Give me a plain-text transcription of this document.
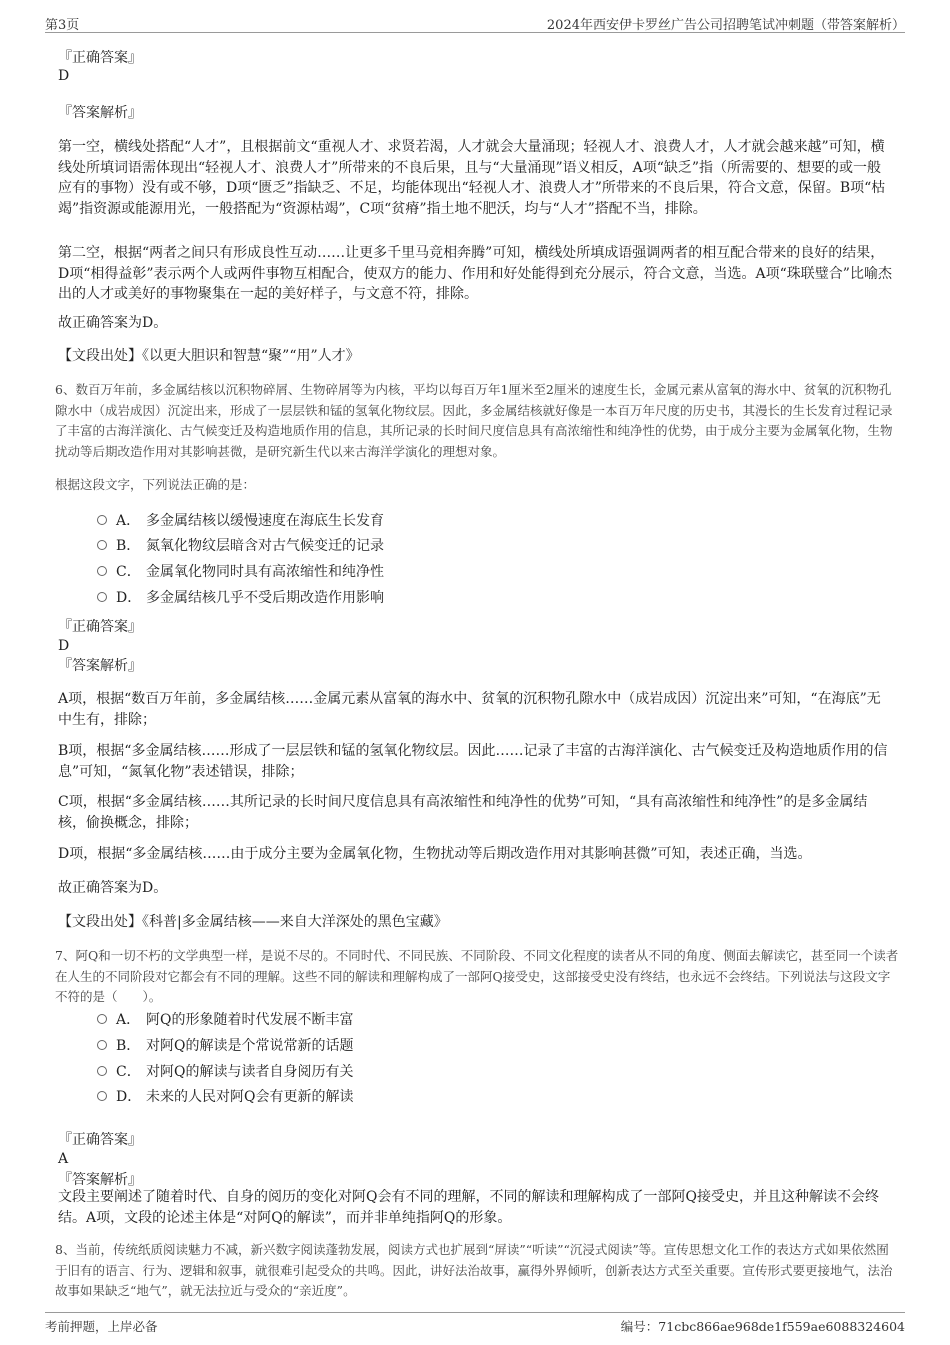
第3页	2024年西安伊卡罗丝广告公司招聘笔试冲刺题（带答案解析）
『正确答案』
D
『答案解析』
第一空，横线处搭配“人才”，且根据前文“重视人才、求贤若渴，人才就会大量涌现；轻视人才、浪费人才，人才就会越来越”可知，横线处所填词语需体现出“轻视人才、浪费人才”所带来的不良后果，且与“大量涌现”语义相反，A项“缺乏”指（所需要的、想要的或一般应有的事物）没有或不够，D项“匮乏”指缺乏、不足，均能体现出“轻视人才、浪费人才”所带来的不良后果，符合文意，保留。B项“枯竭”指资源或能源用光，一般搭配为“资源枯竭”，C项“贫瘠”指土地不肥沃，均与“人才”搭配不当，排除。
第二空，根据“两者之间只有形成良性互动……让更多千里马竞相奔腾”可知，横线处所填成语强调两者的相互配合带来的良好的结果，D项“相得益彰”表示两个人或两件事物互相配合，使双方的能力、作用和好处能得到充分展示，符合文意，当选。A项“珠联璧合”比喻杰出的人才或美好的事物聚集在一起的美好样子，与文意不符，排除。
故正确答案为D。
【文段出处】《以更大胆识和智慧“聚”“用”人才》
6、数百万年前，多金属结核以沉积物碎屑、生物碎屑等为内核，平均以每百万年1厘米至2厘米的速度生长，金属元素从富氧的海水中、贫氧的沉积物孔隙水中（成岩成因）沉淀出来，形成了一层层铁和锰的氢氧化物纹层。因此，多金属结核就好像是一本百万年尺度的历史书，其漫长的生长发育过程记录了丰富的古海洋演化、古气候变迁及构造地质作用的信息，其所记录的长时间尺度信息具有高浓缩性和纯净性的优势，由于成分主要为金属氧化物，生物扰动等后期改造作用对其影响甚微，是研究新生代以来古海洋学演化的理想对象。
根据这段文字，下列说法正确的是：
A． 多金属结核以缓慢速度在海底生长发育
B． 氮氧化物纹层暗含对古气候变迁的记录
C． 金属氧化物同时具有高浓缩性和纯净性
D． 多金属结核几乎不受后期改造作用影响
『正确答案』
D
『答案解析』
A项，根据“数百万年前，多金属结核……金属元素从富氧的海水中、贫氧的沉积物孔隙水中（成岩成因）沉淀出来”可知，“在海底”无中生有，排除；
B项，根据“多金属结核……形成了一层层铁和锰的氢氧化物纹层。因此……记录了丰富的古海洋演化、古气候变迁及构造地质作用的信息”可知，“氮氧化物”表述错误，排除；
C项，根据“多金属结核……其所记录的长时间尺度信息具有高浓缩性和纯净性的优势”可知，“具有高浓缩性和纯净性”的是多金属结核，偷换概念，排除；
D项，根据“多金属结核……由于成分主要为金属氧化物，生物扰动等后期改造作用对其影响甚微”可知，表述正确，当选。
故正确答案为D。
【文段出处】《科普|多金属结核——来自大洋深处的黑色宝藏》
7、阿Q和一切不朽的文学典型一样，是说不尽的。不同时代、不同民族、不同阶段、不同文化程度的读者从不同的角度、侧面去解读它，甚至同一个读者在人生的不同阶段对它都会有不同的理解。这些不同的解读和理解构成了一部阿Q接受史，这部接受史没有终结，也永远不会终结。下列说法与这段文字不符的是（　　）。
A． 阿Q的形象随着时代发展不断丰富
B． 对阿Q的解读是个常说常新的话题
C． 对阿Q的解读与读者自身阅历有关
D． 未来的人民对阿Q会有更新的解读
『正确答案』
A
『答案解析』
文段主要阐述了随着时代、自身的阅历的变化对阿Q会有不同的理解，不同的解读和理解构成了一部阿Q接受史，并且这种解读不会终结。A项，文段的论述主体是“对阿Q的解读”，而并非单纯指阿Q的形象。
8、当前，传统纸质阅读魅力不减，新兴数字阅读蓬勃发展，阅读方式也扩展到“屏读”“听读”“沉浸式阅读”等。宣传思想文化工作的表达方式如果依然囿于旧有的语言、行为、逻辑和叙事，就很难引起受众的共鸣。因此，讲好法治故事，赢得外界倾听，创新表达方式至关重要。宣传形式要更接地气，法治故事如果缺乏“地气”，就无法拉近与受众的“亲近度”。
考前押题，上岸必备	编号：71cbc866ae968de1f559ae6088324604
